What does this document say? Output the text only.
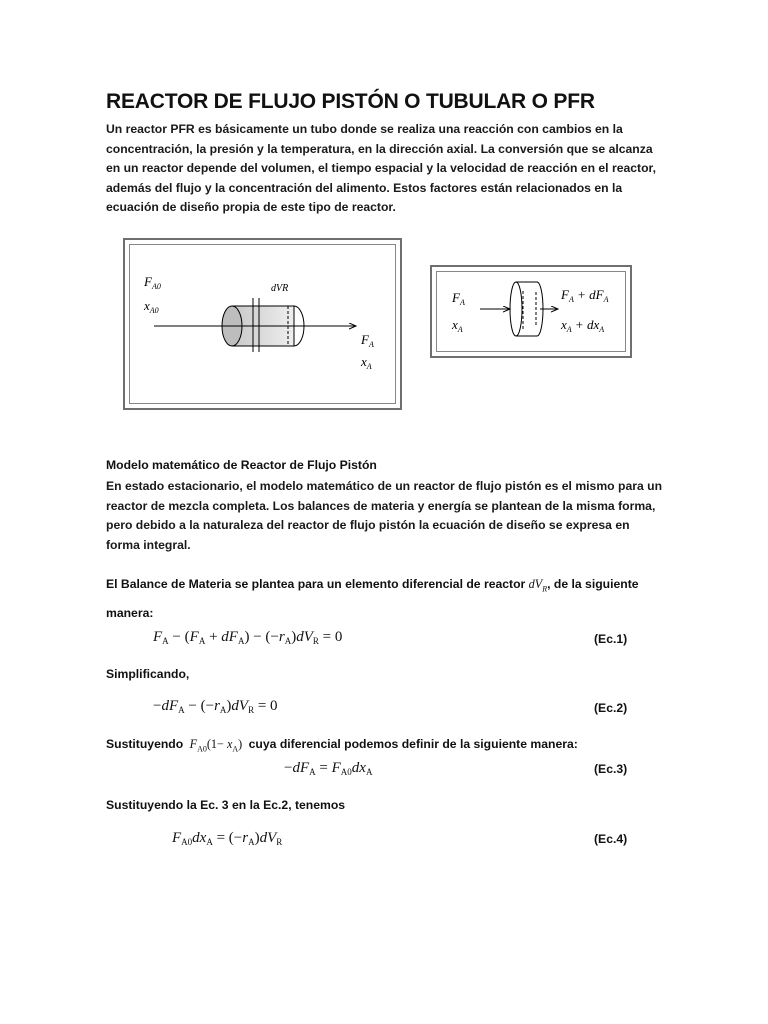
REACTOR DE FLUJO PISTÓN O TUBULAR O PFR
Un reactor PFR es básicamente un tubo donde se realiza una reacción con cambios en la concentración, la presión y la temperatura, en la dirección axial. La conversión que se alcanza en un reactor depende del volumen, el tiempo espacial y la velocidad de reacción en el reactor, además del flujo y la concentración del alimento. Estos factores están relacionados en la ecuación de diseño propia de este tipo de reactor.
$F_{A0}$
$x_{A0}$
dVR
$F_A$
$x_A$
$F_A$
$x_A$
$F_A + dF_A$
$x_A + dx_A$
Modelo matemático de Reactor de Flujo Pistón
En estado estacionario, el modelo matemático de un reactor de flujo pistón es el mismo para un reactor de mezcla completa. Los balances de materia y energía se plantean de la misma forma, pero debido a la naturaleza del reactor de flujo pistón la ecuación de diseño se expresa en forma integral.
El Balance de Materia se plantea para un elemento diferencial de reactor $dV_R$, de la siguiente manera:
$F_A - (F_A + dF_A) - (-r_A)dV_R = 0$	(Ec.1)
Simplificando,
$-dF_A - (-r_A)dV_R = 0$	(Ec.2)
Sustituyendo $F_{A0}(1- x_A)$  cuya diferencial podemos definir de la siguiente manera:
$-dF_A = F_{A0}dx_A$	(Ec.3)
Sustituyendo la Ec. 3 en la Ec.2, tenemos
$F_{A0}dx_A = (-r_A)dV_R$	(Ec.4)
